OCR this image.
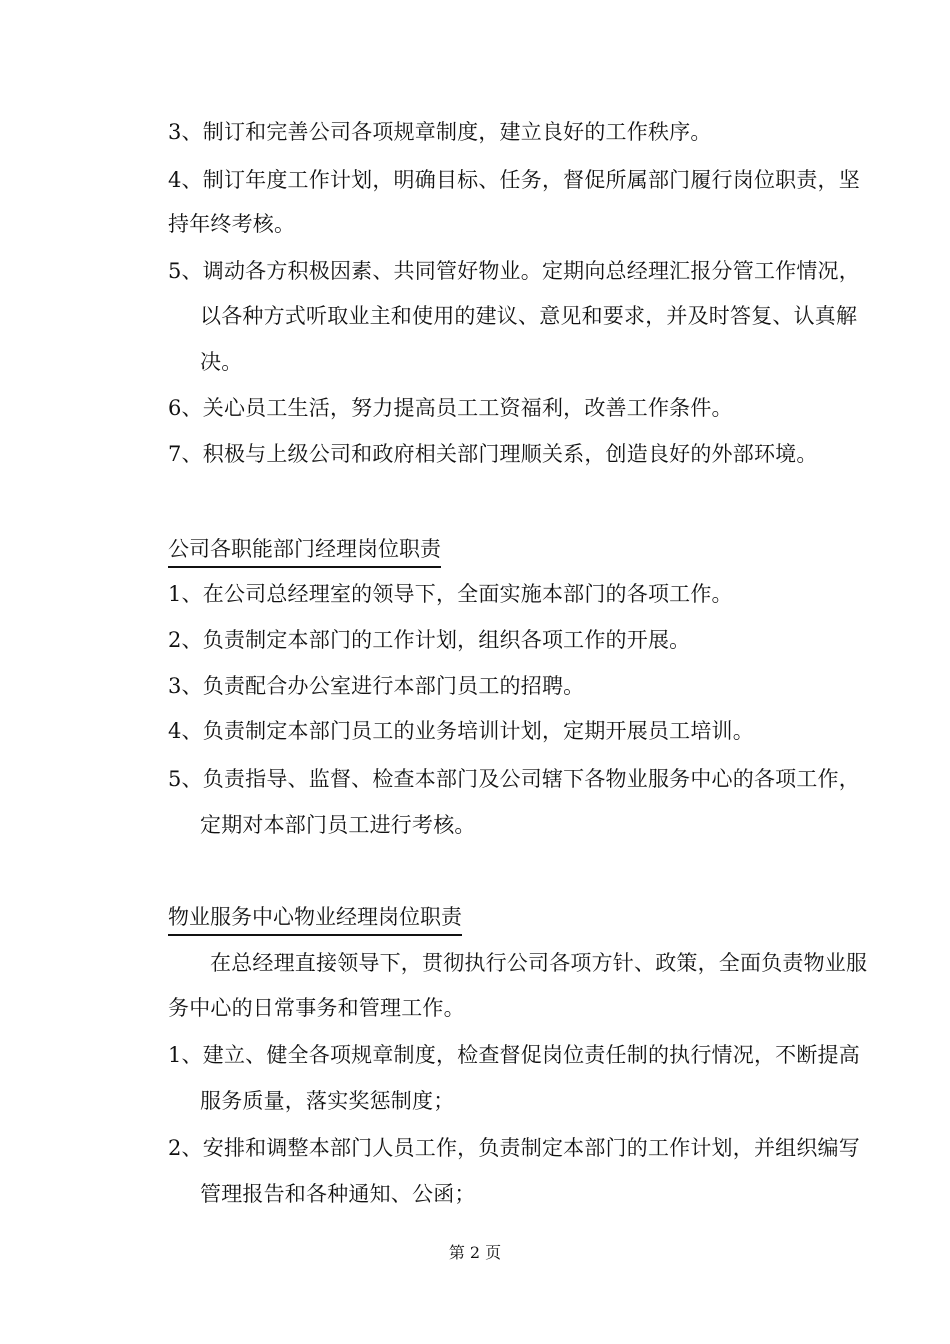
3、制订和完善公司各项规章制度，建立良好的工作秩序。
4、制订年度工作计划，明确目标、任务，督促所属部门履行岗位职责，坚
持年终考核。
5、调动各方积极因素、共同管好物业。定期向总经理汇报分管工作情况，
以各种方式听取业主和使用的建议、意见和要求，并及时答复、认真解
决。
6、关心员工生活，努力提高员工工资福利，改善工作条件。
7、积极与上级公司和政府相关部门理顺关系，创造良好的外部环境。
公司各职能部门经理岗位职责
1、在公司总经理室的领导下，全面实施本部门的各项工作。
2、负责制定本部门的工作计划，组织各项工作的开展。
3、负责配合办公室进行本部门员工的招聘。
4、负责制定本部门员工的业务培训计划，定期开展员工培训。
5、负责指导、监督、检查本部门及公司辖下各物业服务中心的各项工作，
定期对本部门员工进行考核。
物业服务中心物业经理岗位职责
在总经理直接领导下，贯彻执行公司各项方针、政策，全面负责物业服
务中心的日常事务和管理工作。
1、建立、健全各项规章制度，检查督促岗位责任制的执行情况，不断提高
服务质量，落实奖惩制度；
2、安排和调整本部门人员工作，负责制定本部门的工作计划，并组织编写
管理报告和各种通知、公函；
第 2 页
